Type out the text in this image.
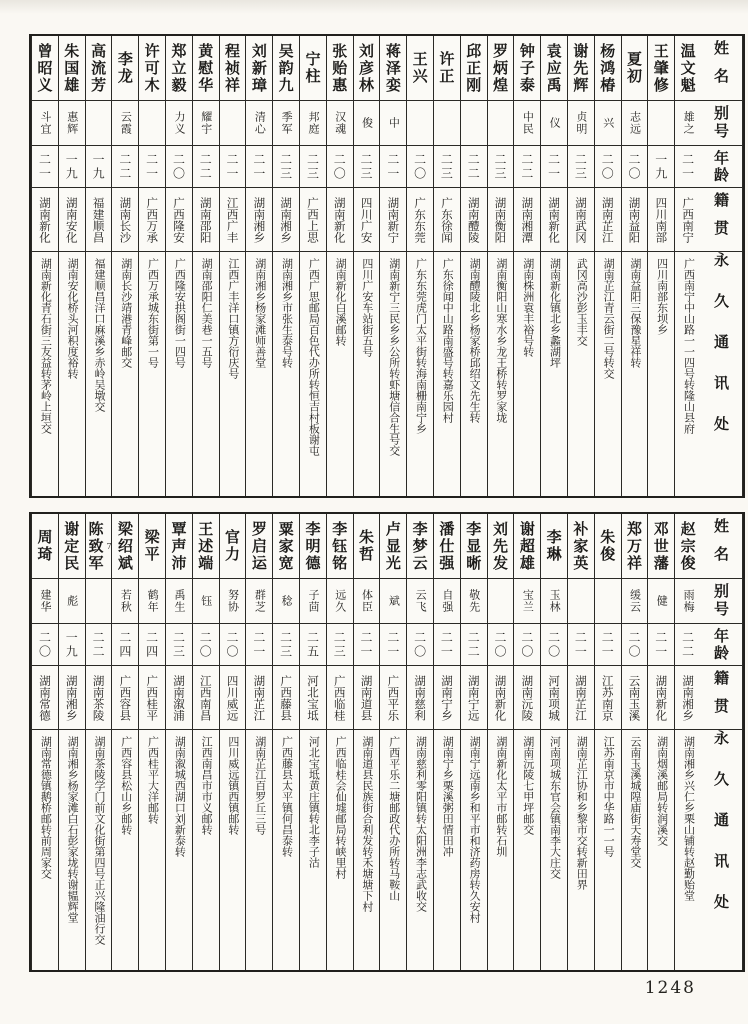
姓名
别号
年龄
籍贯
永久通讯处
温文魁
雄之
二一
广西南宁
广西南宁中山路一一四号转隆山县府
王肇修
一九
四川南部
四川南部东坝乡
夏初
志远
二〇
湖南益阳
湖南益阳三保豫星祥转
杨鸿椿
兴
二〇
湖南芷江
湖南芷江青云街二号转交
谢先辉
贞明
二三
湖南武冈
武冈高沙彭玉丰交
袁应禹
仪
二一
湖南新化
湖南新化镇北乡蠡湖坪
钟子泰
中民
二二
湖南湘潭
湖南株洲袁丰裕号转
罗炳煌
二三
湖南衡阳
湖南衡阳山寒水乡龙王桥转罗家垅
邱正刚
二二
湖南醴陵
湖南醴陵北乡杨家桥邱绍文先生转
许正
二三
广东徐闻
广东徐闻中山路南盛号转嘉乐园村
王兴
二〇
广东东莞
广东东莞虎门太平街转海南栅南宁乡
蒋泽娈
中
二一
湖南新宁
湖南新宁三民乡乡公所转虾塘信合生号交
刘彦林
俊
二三
四川广安
四川广安车站街五号
张贻惠
汉魂
二〇
湖南新化
湖南新化白溪邮转
宁柱
邦庭
二三
广西上思
广西广思邮局百色代办所转恒吉村板谢屯
吴韵九
季军
二三
湖南湘乡
湖南湘乡市张生泰号转
刘新璋
清心
二一
湖南湘乡
湖南湘乡杨家滩师善堂
程祯祥
二一
江西广丰
江西广丰洋口镇方衍庆号
黄慰华
耀宇
二二
湖南邵阳
湖南邵阳仁美巷一五号
郑立毅
力义
二〇
广西隆安
广西隆安拱阁街一四号
许可木
二一
广西万承
广西万承城东街第一号
李龙
云霞
二二
湖南长沙
湖南长沙靖港青峰邮交
高流芳
一九
福建顺昌
福建顺昌洋口麻溪乡赤岭吴墩交
朱国雄
惠辉
一九
湖南安化
湖南安化桥头河积度裕转
曾昭义
斗宜
二一
湖南新化
湖南新化青石街三友益转茅岭上垣交
姓名
别号
年龄
籍贯
永久通讯处
赵宗俊
雨梅
二二
湖南湘乡
湖南湘乡兴仁乡栗山铺转赵勤贻堂
邓世藩
健
二一
湖南新化
湖南烟溪邮局转润溪交
郑万祥
缓云
二〇
云南玉溪
云南玉溪城隍庙街天寿堂交
朱俊
二一
江苏南京
江苏南京市中华路一一号
补家英
二一
湖南芷江
湖南芷江协和乡黎市交转新田界
李琳
玉林
二〇
河南项城
河南项城东官会镇南李大庄交
谢超雄
宝兰
二〇
湖南沅陵
湖南沅陵七甲坪邮交
刘先发
二〇
湖南新化
湖南新化太平市邮转石圳
李显晰
敬先
二二
湖南宁远
湖南宁远南乡和平市和济药房转久安村
潘仕强
自强
二一
湖南宁乡
湖南宁乡栗溪粥田情田冲
李梦云
云飞
二〇
湖南慈利
湖南慈利零阳镇转太阳洲李志武收交
卢显光
斌
二一
广西平乐
广西平乐二塘邮政代办所转马鞍山
朱哲
体臣
二一
湖南道县
湖南道县民族街合利发转禾塘塘下村
李钰铭
远久
二三
广西临桂
广西临桂会仙墟邮局转峡里村
李明德
子茴
二五
河北宝坻
河北宝坻黄庄镇转北李子沽
粟家宽
稔
二三
广西藤县
广西藤县太平镇何昌泰转
罗启运
群芝
二一
湖南芷江
湖南芷江百罗丘三号
官力
努协
二〇
四川威远
四川威远镇西镇邮转
王述端
钰
二〇
江西南昌
江西南昌市市义邮转
覃声沛
禹生
二三
湖南溆浦
湖南溆城西湖口刘新泰转
梁平
鹤年
二四
广西桂平
广西桂平大洋邮转
梁绍斌
若秋
二四
广西容县
广西容县松山乡邮转
陈致军 7
二二
湖南茶陵
湖南茶陵学门前文化街第四号正兴隆油行交
谢定民
彪
一九
湖南湘乡
湖南湘乡杨家滩白石彭家垅转谢韫辉堂
周琦
建华
二〇
湖南常德
湖南常德镇鹅桥邮转前周家交
1248
